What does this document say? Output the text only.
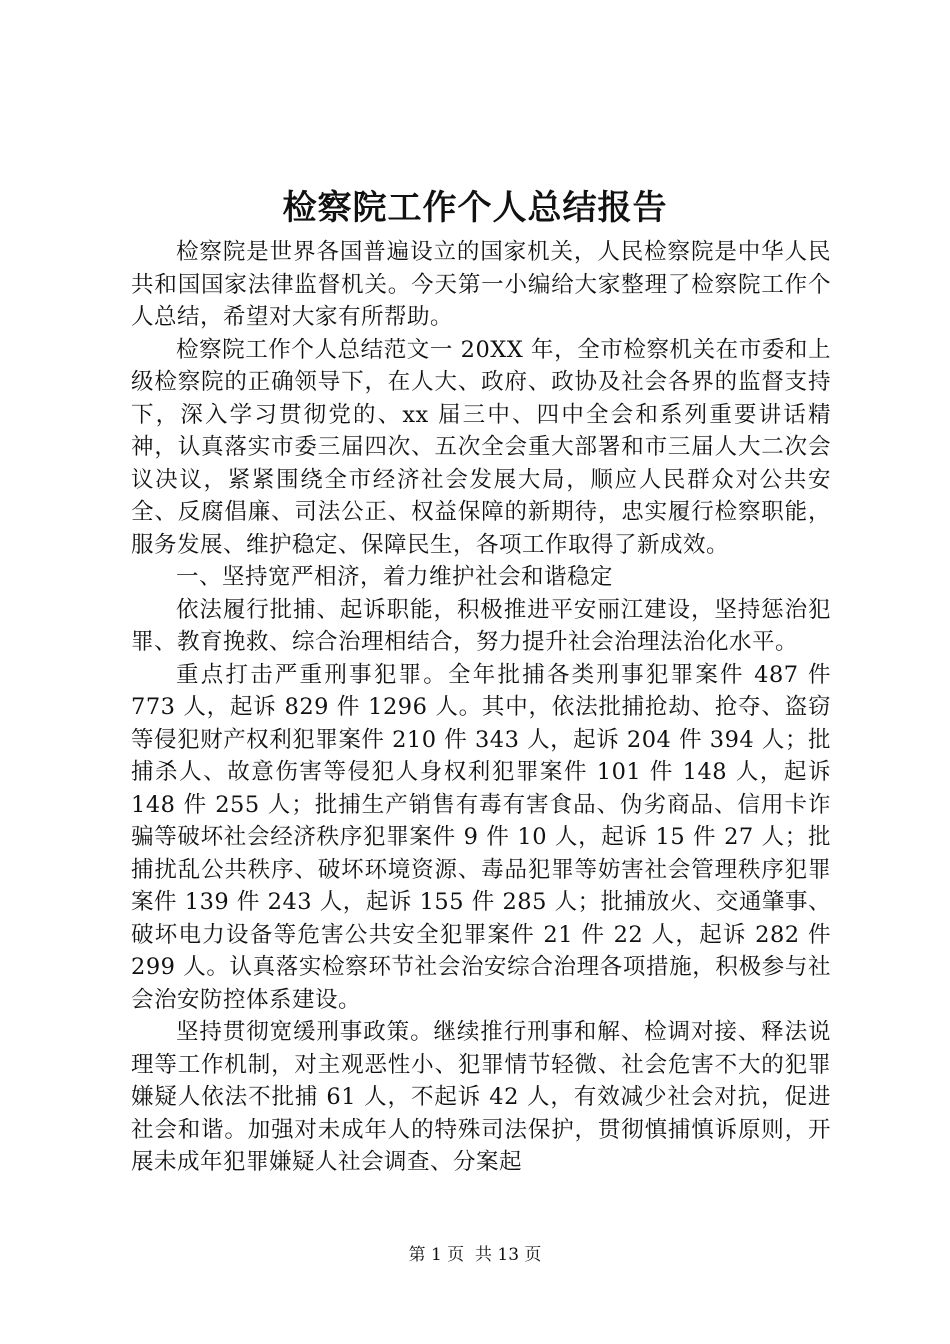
检察院工作个人总结报告

检察院是世界各国普遍设立的国家机关，人民检察院是中华人民共和国国家法律监督机关。今天第一小编给大家整理了检察院工作个人总结，希望对大家有所帮助。

检察院工作个人总结范文一 20XX 年，全市检察机关在市委和上级检察院的正确领导下，在人大、政府、政协及社会各界的监督支持下，深入学习贯彻党的、xx 届三中、四中全会和系列重要讲话精神，认真落实市委三届四次、五次全会重大部署和市三届人大二次会议决议，紧紧围绕全市经济社会发展大局，顺应人民群众对公共安全、反腐倡廉、司法公正、权益保障的新期待，忠实履行检察职能，服务发展、维护稳定、保障民生，各项工作取得了新成效。

一、坚持宽严相济，着力维护社会和谐稳定

依法履行批捕、起诉职能，积极推进平安丽江建设，坚持惩治犯罪、教育挽救、综合治理相结合，努力提升社会治理法治化水平。

重点打击严重刑事犯罪。全年批捕各类刑事犯罪案件 487 件 773 人，起诉 829 件 1296 人。其中，依法批捕抢劫、抢夺、盗窃等侵犯财产权利犯罪案件 210 件 343 人，起诉 204 件 394 人；批捕杀人、故意伤害等侵犯人身权利犯罪案件 101 件 148 人，起诉 148 件 255 人；批捕生产销售有毒有害食品、伪劣商品、信用卡诈骗等破坏社会经济秩序犯罪案件 9 件 10 人，起诉 15 件 27 人；批捕扰乱公共秩序、破坏环境资源、毒品犯罪等妨害社会管理秩序犯罪案件 139 件 243 人，起诉 155 件 285 人；批捕放火、交通肇事、破坏电力设备等危害公共安全犯罪案件 21 件 22 人，起诉 282 件 299 人。认真落实检察环节社会治安综合治理各项措施，积极参与社会治安防控体系建设。

坚持贯彻宽缓刑事政策。继续推行刑事和解、检调对接、释法说理等工作机制，对主观恶性小、犯罪情节轻微、社会危害不大的犯罪嫌疑人依法不批捕 61 人，不起诉 42 人，有效减少社会对抗，促进社会和谐。加强对未成年人的特殊司法保护，贯彻慎捕慎诉原则，开展未成年犯罪嫌疑人社会调查、分案起

第 1 页 共 13 页
